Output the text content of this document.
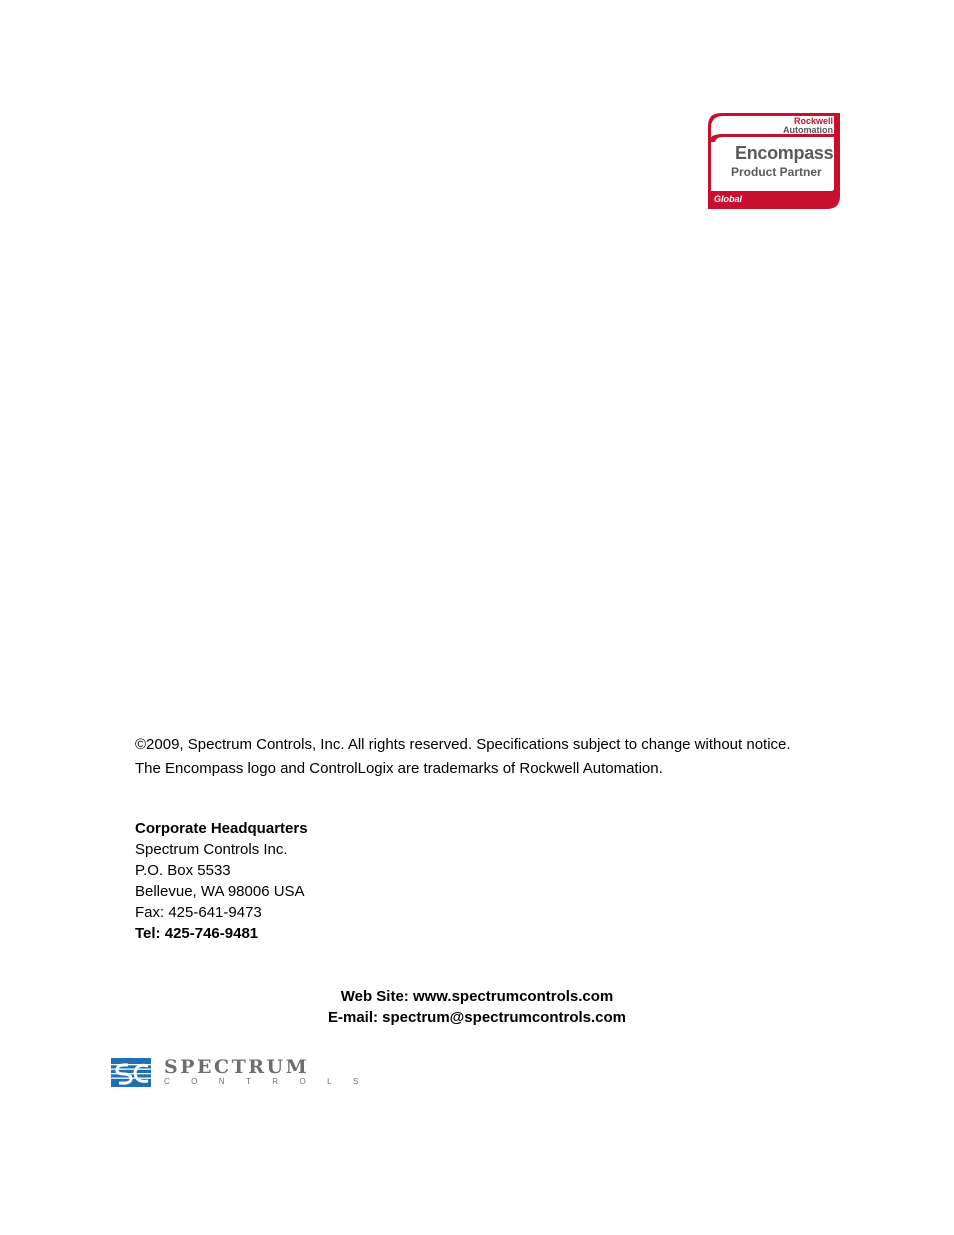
Rockwell
Automation
Encompass™
Product Partner
Global

©2009, Spectrum Controls, Inc. All rights reserved. Specifications subject to change without notice. The Encompass logo and ControlLogix are trademarks of Rockwell Automation.

Corporate Headquarters
Spectrum Controls Inc.
P.O. Box 5533
Bellevue, WA 98006 USA
Fax: 425-641-9473
Tel: 425-746-9481
Web Site: www.spectrumcontrols.com
E-mail: spectrum@spectrumcontrols.com
SPECTRUM
CONTROLS
